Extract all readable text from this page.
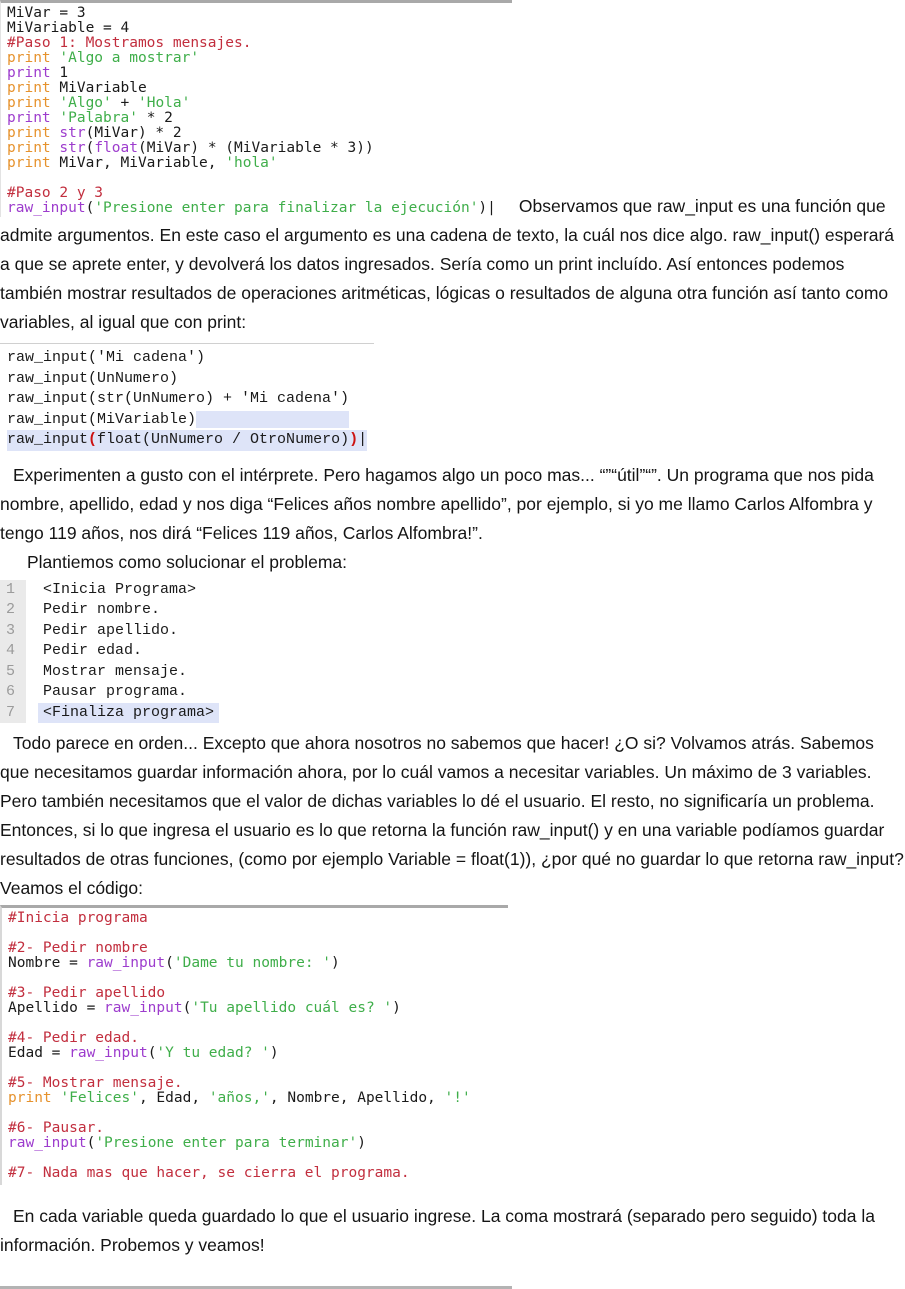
MiVar = 3
MiVariable = 4
#Paso 1: Mostramos mensajes.
print 'Algo a mostrar'
print 1
print MiVariable
print 'Algo' + 'Hola'
print 'Palabra' * 2
print str(MiVar) * 2
print str(float(MiVar) * (MiVariable * 3))
print MiVar, MiVariable, 'hola'

#Paso 2 y 3
raw_input('Presione enter para finalizar la ejecución')|	Observamos que raw_input es una función que admite argumentos. En este caso el argumento es una cadena de texto, la cuál nos dice algo. raw_input() esperará a que se aprete enter, y devolverá los datos ingresados. Sería como un print incluído. Así entonces podemos también mostrar resultados de operaciones aritméticas, lógicas o resultados de alguna otra función así tanto como variables, al igual que con print:

raw_input('Mi cadena')
raw_input(UnNumero)
raw_input(str(UnNumero) + 'Mi cadena')
raw_input(MiVariable)
raw_input(float(UnNumero / OtroNumero))|

Experimenten a gusto con el intérprete. Pero hagamos algo un poco mas... “”“útil”“”. Un programa que nos pida nombre, apellido, edad y nos diga “Felices años nombre apellido”, por ejemplo, si yo me llamo Carlos Alfombra y tengo 119 años, nos dirá “Felices 119 años, Carlos Alfombra!”.

Plantiemos como solucionar el problema:

1 <Inicia Programa>
2 Pedir nombre.
3 Pedir apellido.
4 Pedir edad.
5 Mostrar mensaje.
6 Pausar programa.
7 <Finaliza programa>

Todo parece en orden... Excepto que ahora nosotros no sabemos que hacer! ¿O si? Volvamos atrás. Sabemos que necesitamos guardar información ahora, por lo cuál vamos a necesitar variables. Un máximo de 3 variables. Pero también necesitamos que el valor de dichas variables lo dé el usuario. El resto, no significaría un problema. Entonces, si lo que ingresa el usuario es lo que retorna la función raw_input() y en una variable podíamos guardar resultados de otras funciones, (como por ejemplo Variable = float(1)), ¿por qué no guardar lo que retorna raw_input? Veamos el código:

#Inicia programa

#2- Pedir nombre
Nombre = raw_input('Dame tu nombre: ')

#3- Pedir apellido
Apellido = raw_input('Tu apellido cuál es? ')

#4- Pedir edad.
Edad = raw_input('Y tu edad? ')

#5- Mostrar mensaje.
print 'Felices', Edad, 'años,', Nombre, Apellido, '!'

#6- Pausar.
raw_input('Presione enter para terminar')

#7- Nada mas que hacer, se cierra el programa.

En cada variable queda guardado lo que el usuario ingrese. La coma mostrará (separado pero seguido) toda la información. Probemos y veamos!
